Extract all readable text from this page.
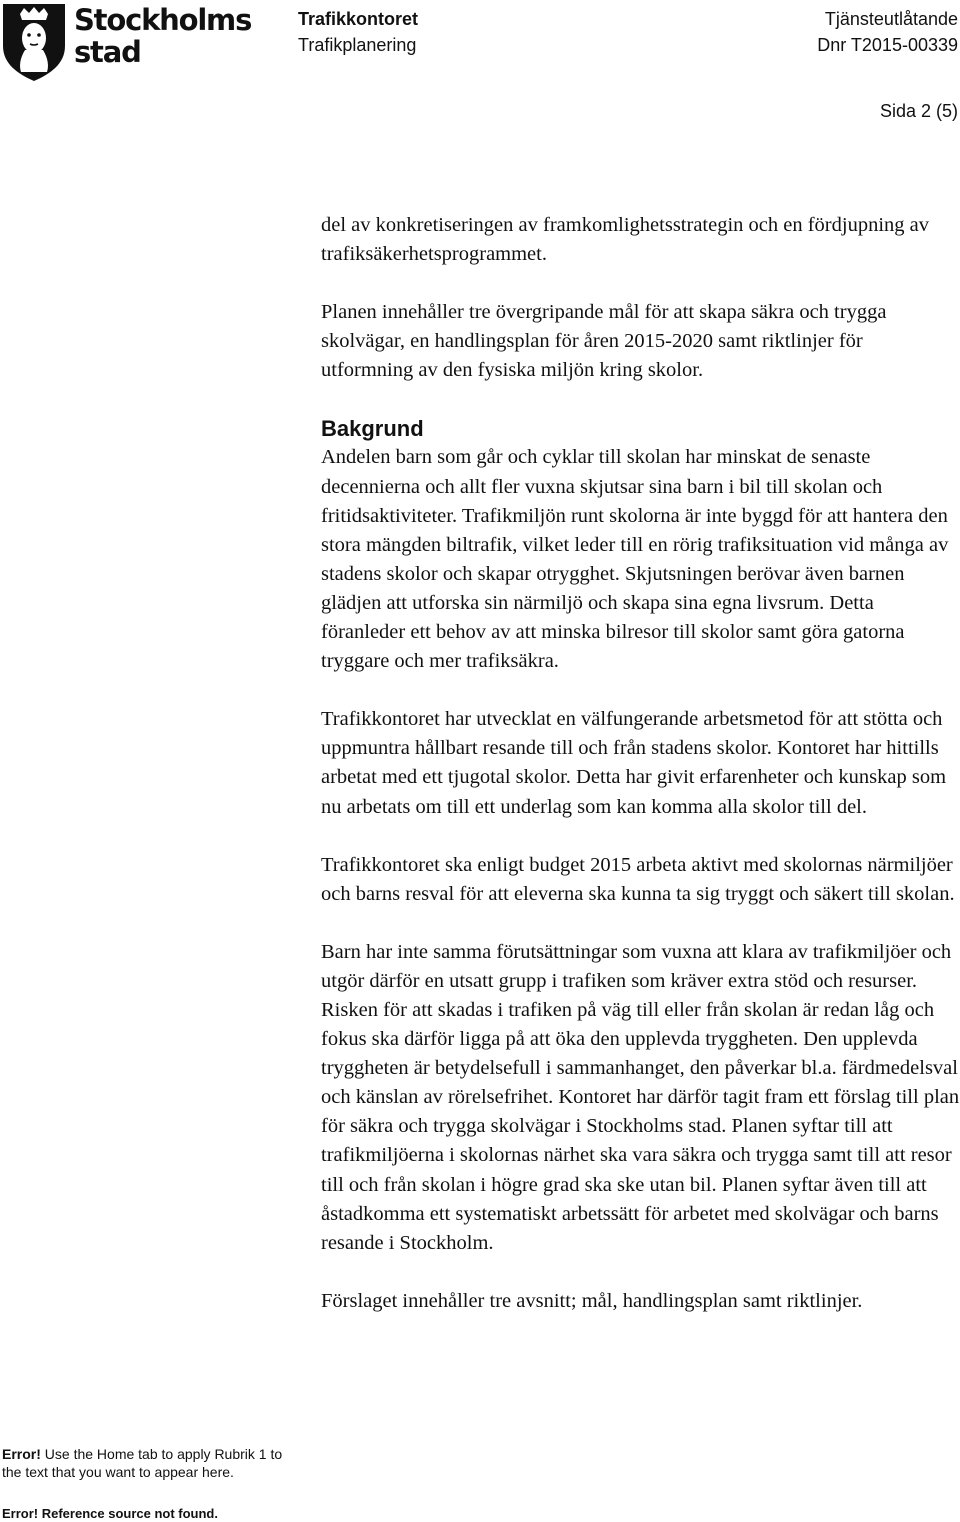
Stockholms
stad
Trafikkontoret
Trafikplanering
Tjänsteutlåtande
Dnr T2015-00339
Sida 2 (5)

del av konkretiseringen av framkomlighetsstrategin och en fördjupning av trafiksäkerhetsprogrammet.

Planen innehåller tre övergripande mål för att skapa säkra och trygga skolvägar, en handlingsplan för åren 2015-2020 samt riktlinjer för utformning av den fysiska miljön kring skolor.

Bakgrund

Andelen barn som går och cyklar till skolan har minskat de senaste decennierna och allt fler vuxna skjutsar sina barn i bil till skolan och fritidsaktiviteter. Trafikmiljön runt skolorna är inte byggd för att hantera den stora mängden biltrafik, vilket leder till en rörig trafiksituation vid många av stadens skolor och skapar otrygghet. Skjutsningen berövar även barnen glädjen att utforska sin närmiljö och skapa sina egna livsrum. Detta föranleder ett behov av att minska bilresor till skolor samt göra gatorna tryggare och mer trafiksäkra.

Trafikkontoret har utvecklat en välfungerande arbetsmetod för att stötta och uppmuntra hållbart resande till och från stadens skolor. Kontoret har hittills arbetat med ett tjugotal skolor. Detta har givit erfarenheter och kunskap som nu arbetats om till ett underlag som kan komma alla skolor till del.

Trafikkontoret ska enligt budget 2015 arbeta aktivt med skolornas närmiljöer och barns resval för att eleverna ska kunna ta sig tryggt och säkert till skolan.

Barn har inte samma förutsättningar som vuxna att klara av trafikmiljöer och utgör därför en utsatt grupp i trafiken som kräver extra stöd och resurser. Risken för att skadas i trafiken på väg till eller från skolan är redan låg och fokus ska därför ligga på att öka den upplevda tryggheten. Den upplevda tryggheten är betydelsefull i sammanhanget, den påverkar bl.a. färdmedelsval och känslan av rörelsefrihet. Kontoret har därför tagit fram ett förslag till plan för säkra och trygga skolvägar i Stockholms stad. Planen syftar till att trafikmiljöerna i skolornas närhet ska vara säkra och trygga samt till att resor till och från skolan i högre grad ska ske utan bil. Planen syftar även till att åstadkomma ett systematiskt arbetssätt för arbetet med skolvägar och barns resande i Stockholm.

Förslaget innehåller tre avsnitt; mål, handlingsplan samt riktlinjer.

Error! Use the Home tab to apply Rubrik 1 to the text that you want to appear here.
Error! Reference source not found.
